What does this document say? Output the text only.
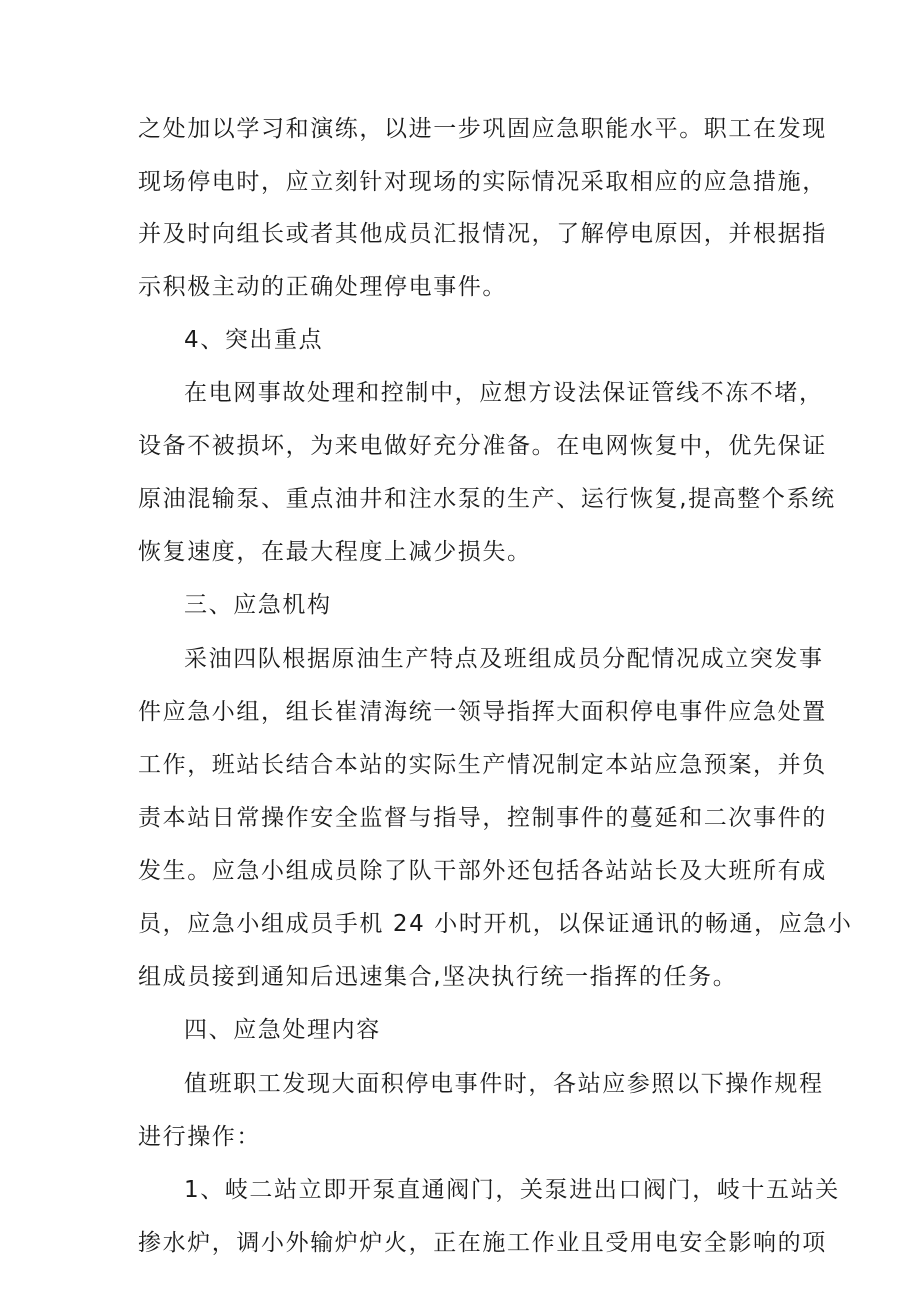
之处加以学习和演练，以进一步巩固应急职能水平。职工在发现
现场停电时，应立刻针对现场的实际情况采取相应的应急措施，
并及时向组长或者其他成员汇报情况，了解停电原因，并根据指
示积极主动的正确处理停电事件。
4、突出重点
在电网事故处理和控制中，应想方设法保证管线不冻不堵，
设备不被损坏，为来电做好充分准备。在电网恢复中，优先保证
原油混输泵、重点油井和注水泵的生产、运行恢复,提高整个系统
恢复速度，在最大程度上减少损失。
三、应急机构
采油四队根据原油生产特点及班组成员分配情况成立突发事
件应急小组，组长崔清海统一领导指挥大面积停电事件应急处置
工作，班站长结合本站的实际生产情况制定本站应急预案，并负
责本站日常操作安全监督与指导，控制事件的蔓延和二次事件的
发生。应急小组成员除了队干部外还包括各站站长及大班所有成
员，应急小组成员手机 24 小时开机，以保证通讯的畅通，应急小
组成员接到通知后迅速集合,坚决执行统一指挥的任务。
四、应急处理内容
值班职工发现大面积停电事件时，各站应参照以下操作规程
进行操作：
1、岐二站立即开泵直通阀门，关泵进出口阀门，岐十五站关
掺水炉，调小外输炉炉火，正在施工作业且受用电安全影响的项
